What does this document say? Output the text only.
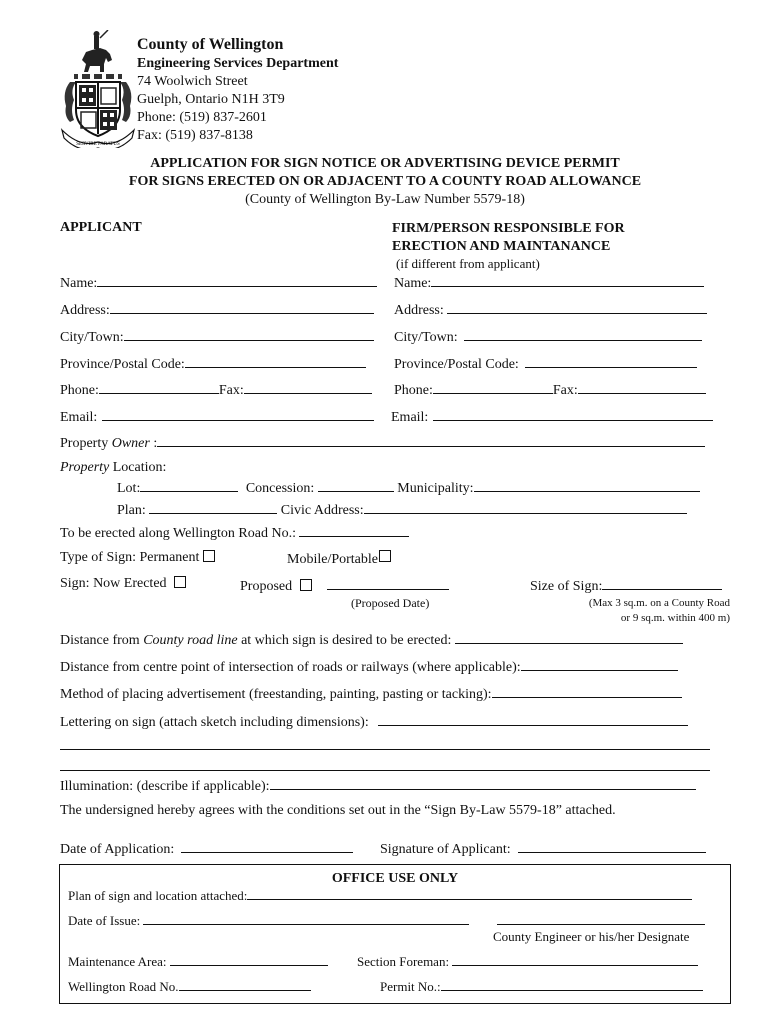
SERVIRE PARATUS
County of Wellington
Engineering Services Department
74 Woolwich Street
Guelph, Ontario N1H 3T9
Phone: (519) 837-2601
Fax: (519) 837-8138
APPLICATION FOR SIGN NOTICE OR ADVERTISING DEVICE PERMIT
FOR SIGNS ERECTED ON OR ADJACENT TO A COUNTY ROAD ALLOWANCE
(County of Wellington By-Law Number 5579-18)
APPLICANT	FIRM/PERSON RESPONSIBLE FOR
ERECTION AND MAINTANANCE
(if different from applicant)
Name:	Name:
Address:	Address:
City/Town:	City/Town:
Province/Postal Code:	Province/Postal Code:
Phone:	Fax:	Phone:	Fax:
Email:	Email:
Property Owner :
Property Location:
Lot:	Concession:	Municipality:
Plan:	Civic Address:
To be erected along Wellington Road No.:
Type of Sign: Permanent	Mobile/Portable
Sign: Now Erected	Proposed
(Proposed Date)
Size of Sign:
(Max 3 sq.m. on a County Road
or 9 sq.m. within 400 m)
Distance from County road line at which sign is desired to be erected:
Distance from centre point of intersection of roads or railways (where applicable):
Method of placing advertisement (freestanding, painting, pasting or tacking):
Lettering on sign (attach sketch including dimensions):
Illumination: (describe if applicable):
The undersigned hereby agrees with the conditions set out in the “Sign By-Law 5579-18” attached.
Date of Application:	Signature of Applicant:
OFFICE USE ONLY
Plan of sign and location attached:
Date of Issue:
County Engineer or his/her Designate
Maintenance Area:	Section Foreman:
Wellington Road No.	Permit No.:
